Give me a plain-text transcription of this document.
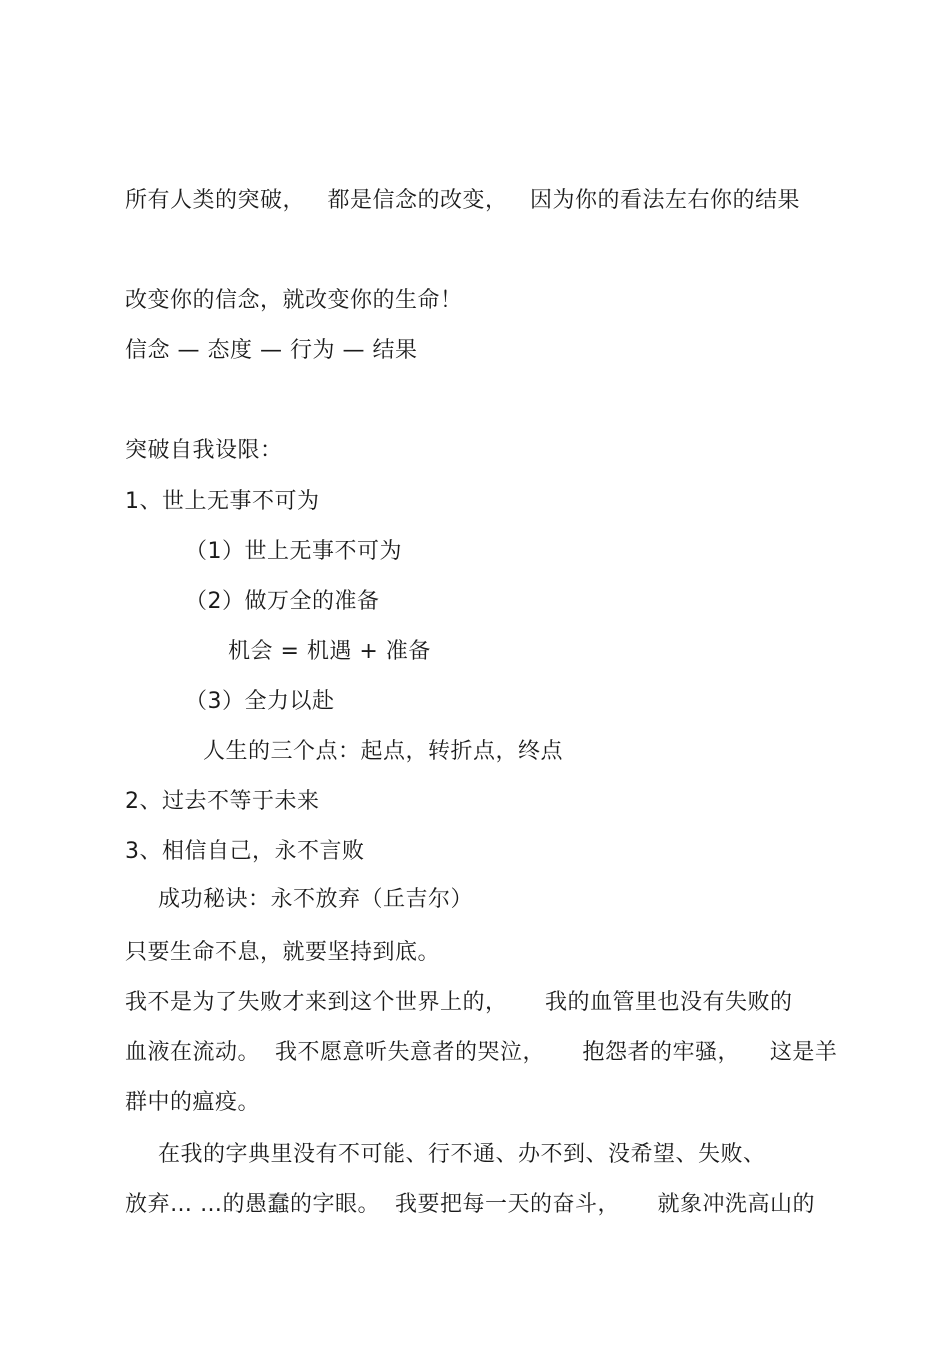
所有人类的突破，   都是信念的改变，   因为你的看法左右你的结果
改变你的信念，就改变你的生命！
信念 — 态度 — 行为 — 结果
突破自我设限：
1、世上无事不可为
（1）世上无事不可为
（2）做万全的准备
机会 = 机遇 + 准备
（3）全力以赴
人生的三个点：起点，转折点，终点
2、过去不等于未来
3、相信自己，永不言败
成功秘诀：永不放弃（丘吉尔）
只要生命不息，就要坚持到底。
我不是为了失败才来到这个世界上的，     我的血管里也没有失败的
血液在流动。  我不愿意听失意者的哭泣，     抱怨者的牢骚，    这是羊
群中的瘟疫。
在我的字典里没有不可能、行不通、办不到、没希望、失败、
放弃… …的愚蠢的字眼。  我要把每一天的奋斗，     就象冲洗高山的
